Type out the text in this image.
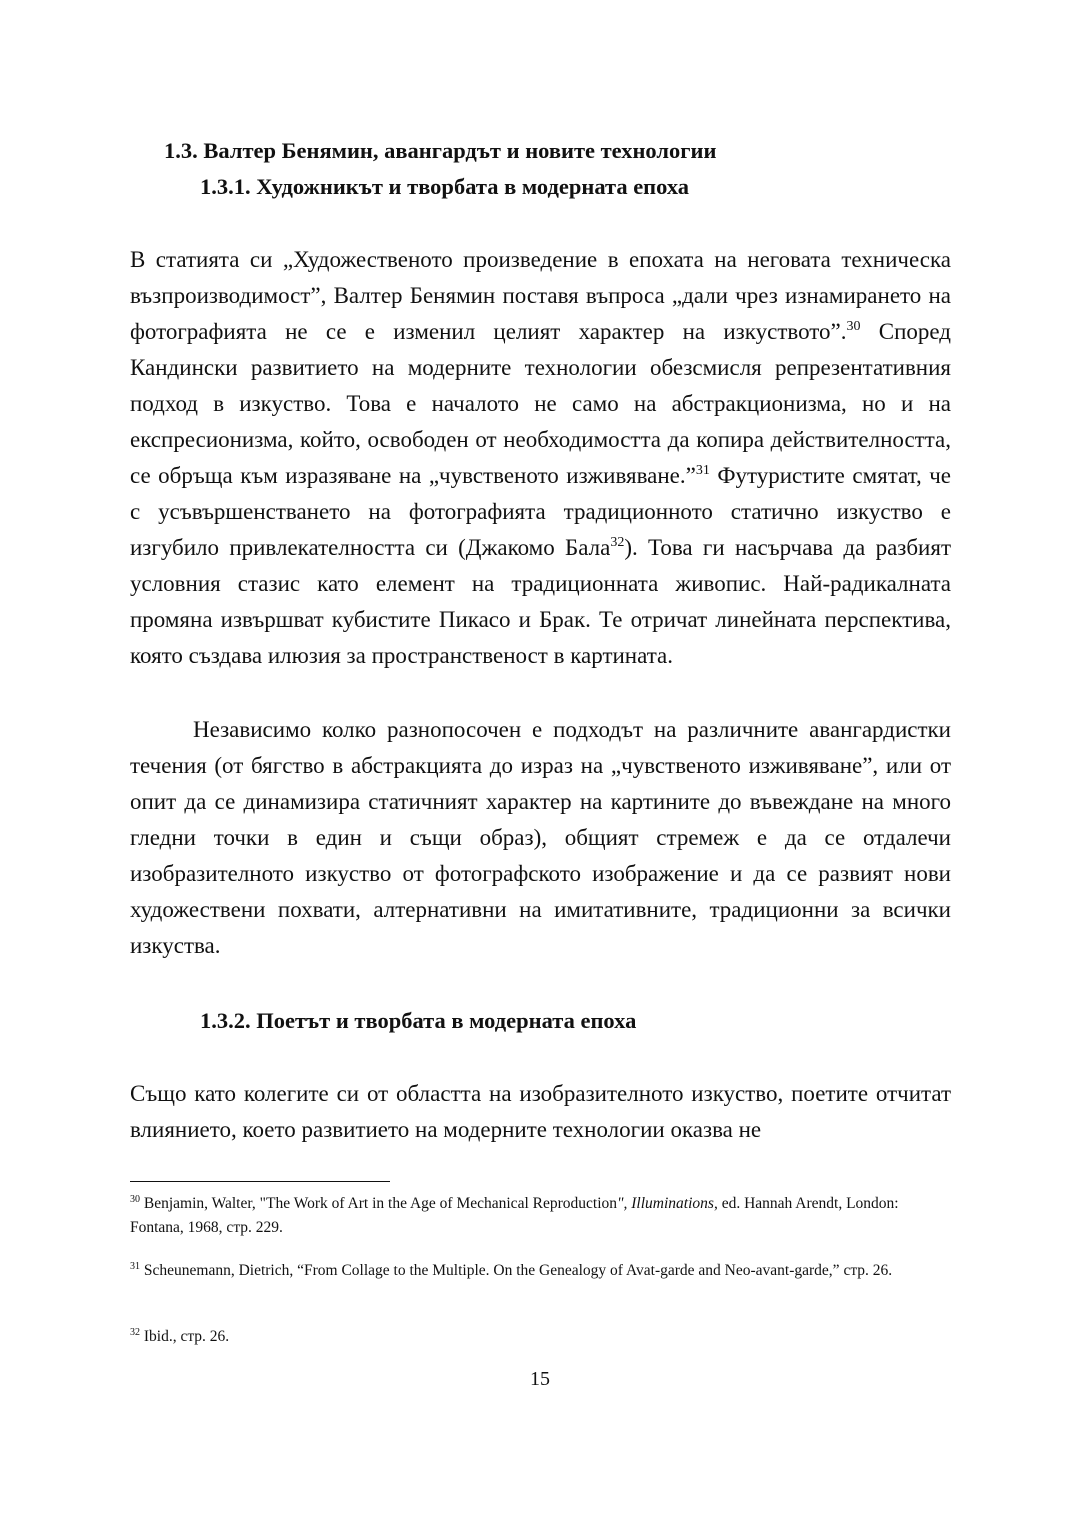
1.3. Валтер Бенямин, авангардът и новите технологии
1.3.1. Художникът и творбата в модерната епоха

В статията си „Художественото произведение в епохата на неговата техническа възпроизводимост”, Валтер Бенямин поставя въпроса „дали чрез изнамирането на фотографията не се е изменил целият характер на изкуството”.$^{30}$ Според Кандински развитието на модерните технологии обезсмисля репрезентативния подход в изкуство. Това е началото не само на абстракционизма, но и на експресионизма, който, освободен от необходимостта да копира действителността, се обръща към изразяване на „чувственото изживяване.”$^{31}$ Футуристите смятат, че с усъвършенстването на фотографията традиционното статично изкуство е изгубило привлекателността си (Джакомо Бала$^{32}$). Това ги насърчава да разбият условния стазис като елемент на традиционната живопис. Най-радикалната промяна извършват кубистите Пикасо и Брак. Те отричат линейната перспектива, която създава илюзия за пространственост в картината.

Независимо колко разнопосочен е подходът на различните авангардистки течения (от бягство в абстракцията до израз на „чувственото изживяване”, или от опит да се динамизира статичният характер на картините до въвеждане на много гледни точки в един и същи образ), общият стремеж е да се отдалечи изобразителното изкуство от фотографското изображение и да се развият нови художествени похвати, алтернативни на имитативните, традиционни за всички изкуства.

1.3.2. Поетът и творбата в модерната епоха

Също като колегите си от областта на изобразителното изкуство, поетите отчитат влиянието, което развитието на модерните технологии оказва не

$^{30}$ Benjamin, Walter, "The Work of Art in the Age of Mechanical Reproduction", Illuminations, ed. Hannah Arendt, London: Fontana, 1968, стр. 229.

$^{31}$ Scheunemann, Dietrich, “From Collage to the Multiple. On the Genealogy of Avat-garde and Neo-avant-garde,” стр. 26.

$^{32}$ Ibid., стр. 26.

15
